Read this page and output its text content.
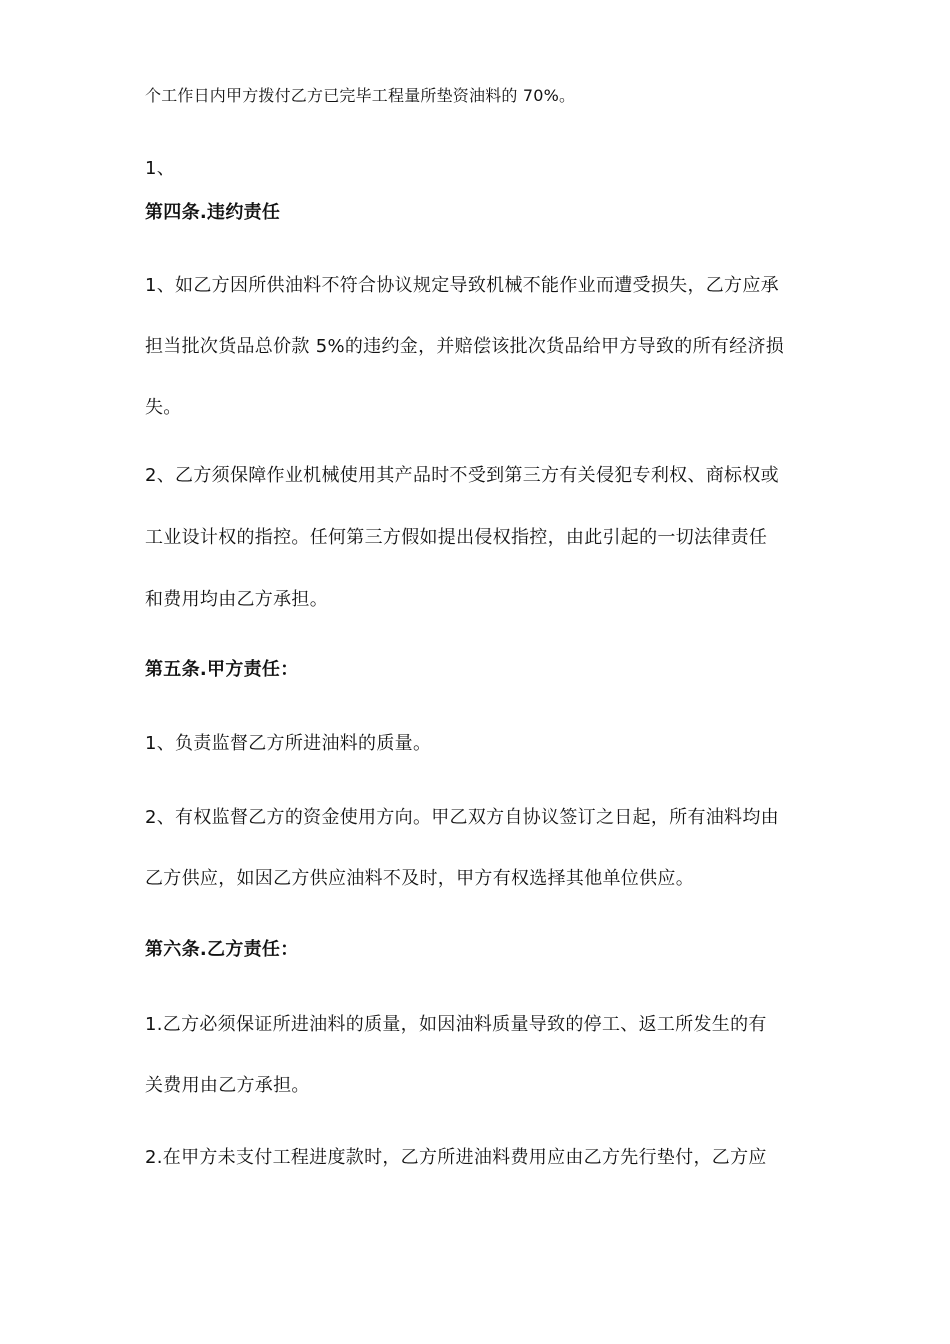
个工作日内甲方拨付乙方已完毕工程量所垫资油料的 70%。
1、
第四条.违约责任
1、如乙方因所供油料不符合协议规定导致机械不能作业而遭受损失，乙方应承
担当批次货品总价款 5%的违约金，并赔偿该批次货品给甲方导致的所有经济损
失。
2、乙方须保障作业机械使用其产品时不受到第三方有关侵犯专利权、商标权或
工业设计权的指控。任何第三方假如提出侵权指控，由此引起的一切法律责任
和费用均由乙方承担。
第五条.甲方责任：
1、负责监督乙方所进油料的质量。
2、有权监督乙方的资金使用方向。甲乙双方自协议签订之日起，所有油料均由
乙方供应，如因乙方供应油料不及时，甲方有权选择其他单位供应。
第六条.乙方责任：
1.乙方必须保证所进油料的质量，如因油料质量导致的停工、返工所发生的有
关费用由乙方承担。
2.在甲方未支付工程进度款时，乙方所进油料费用应由乙方先行垫付，乙方应
